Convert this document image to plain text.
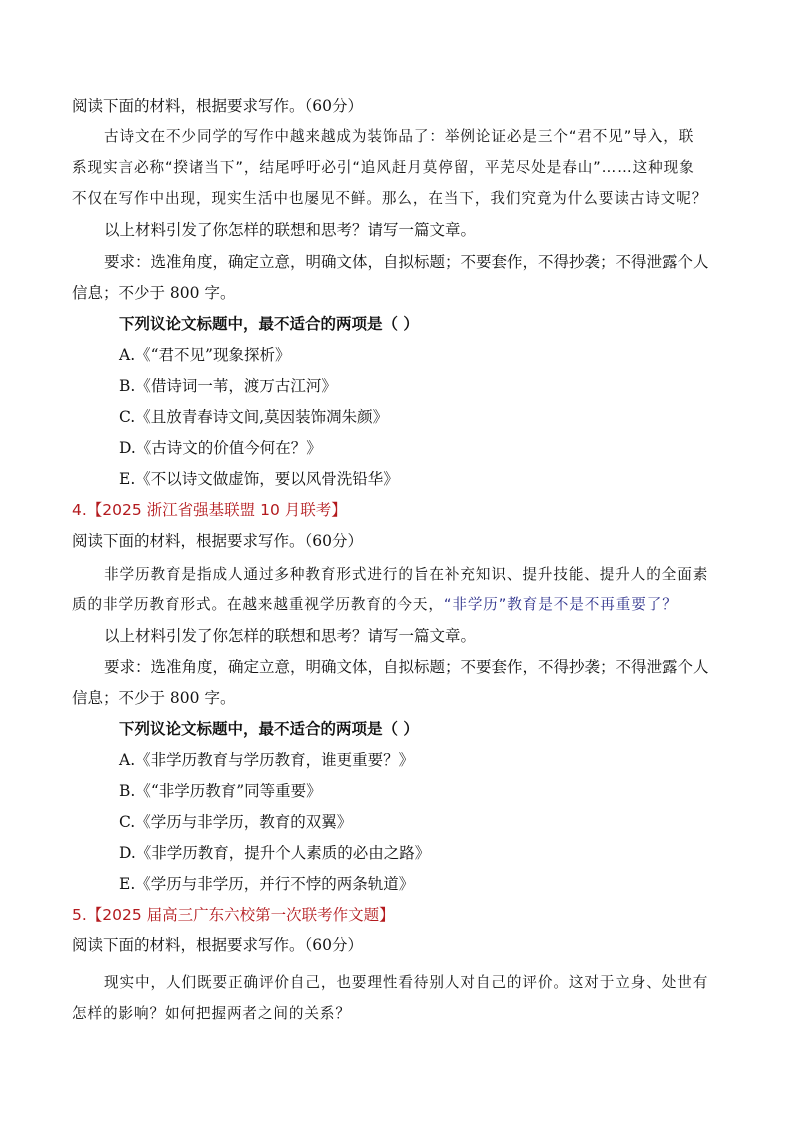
阅读下面的材料，根据要求写作。（60分）
古诗文在不少同学的写作中越来越成为装饰品了：举例论证必是三个“君不见”导入，联
系现实言必称“揆诸当下”，结尾呼吁必引“追风赶月莫停留，平芜尽处是春山”……这种现象
不仅在写作中出现，现实生活中也屡见不鲜。那么，在当下，我们究竟为什么要读古诗文呢？
以上材料引发了你怎样的联想和思考？请写一篇文章。
要求：选准角度，确定立意，明确文体，自拟标题；不要套作，不得抄袭；不得泄露个人
信息；不少于 800 字。
下列议论文标题中，最不适合的两项是（ ）
A.《“君不见”现象探析》
B.《借诗词一苇，渡万古江河》
C.《且放青春诗文间,莫因装饰凋朱颜》
D.《古诗文的价值今何在？》
E.《不以诗文做虚饰，要以风骨洗铅华》
4.【2025 浙江省强基联盟 10 月联考】
阅读下面的材料，根据要求写作。（60分）
非学历教育是指成人通过多种教育形式进行的旨在补充知识、提升技能、提升人的全面素
质的非学历教育形式。在越来越重视学历教育的今天，“非学历”教育是不是不再重要了？
以上材料引发了你怎样的联想和思考？请写一篇文章。
要求：选准角度，确定立意，明确文体，自拟标题；不要套作，不得抄袭；不得泄露个人
信息；不少于 800 字。
下列议论文标题中，最不适合的两项是（ ）
A.《非学历教育与学历教育，谁更重要？》
B.《“非学历教育”同等重要》
C.《学历与非学历，教育的双翼》
D.《非学历教育，提升个人素质的必由之路》
E.《学历与非学历，并行不悖的两条轨道》
5.【2025 届高三广东六校第一次联考作文题】
阅读下面的材料，根据要求写作。（60分）
现实中，人们既要正确评价自己，也要理性看待别人对自己的评价。这对于立身、处世有
怎样的影响？如何把握两者之间的关系？
